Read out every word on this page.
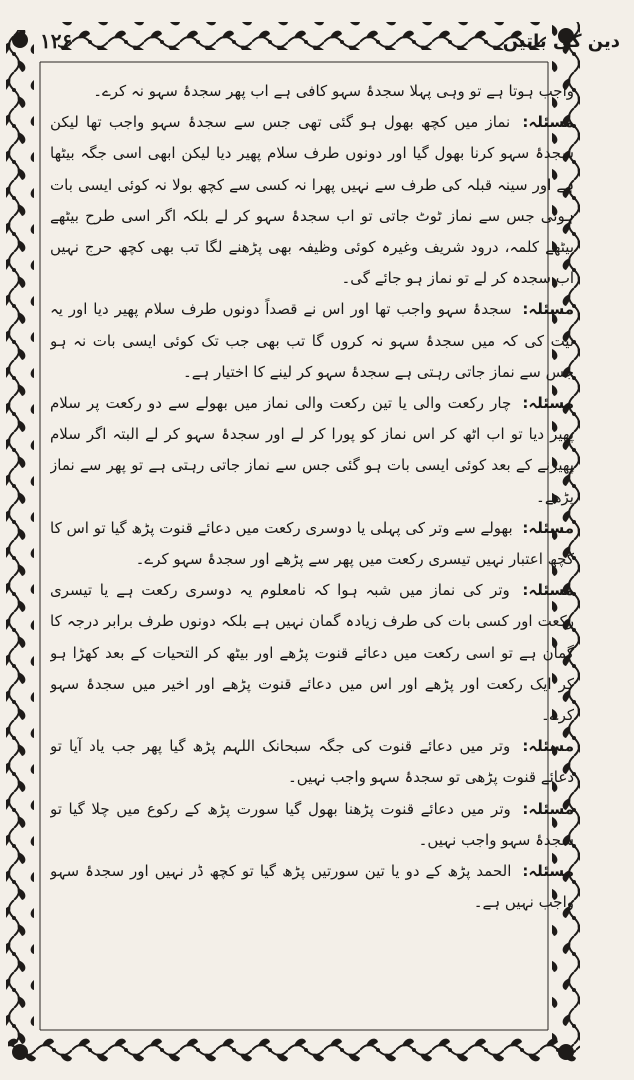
دین کی باتیں
۱۲۶

واجب ہوتا ہے تو وہی پہلا سجدۂ سہو کافی ہے اب پھر سجدۂ سہو نہ کرے۔

مسئلہ: نماز میں کچھ بھول ہو گئی تھی جس سے سجدۂ سہو واجب تھا لیکن سجدۂ سہو کرنا بھول گیا اور دونوں طرف سلام پھیر دیا لیکن ابھی اسی جگہ بیٹھا ہے اور سینہ قبلہ کی طرف سے نہیں پھرا نہ کسی سے کچھ بولا نہ کوئی ایسی بات ہوئی جس سے نماز ٹوٹ جاتی تو اب سجدۂ سہو کر لے بلکہ اگر اسی طرح بیٹھے بیٹھے کلمہ، درود شریف وغیرہ کوئی وظیفہ بھی پڑھنے لگا تب بھی کچھ حرج نہیں اب سجدہ کر لے تو نماز ہو جائے گی۔

مسئلہ: سجدۂ سہو واجب تھا اور اس نے قصداً دونوں طرف سلام پھیر دیا اور یہ نیت کی کہ میں سجدۂ سہو نہ کروں گا تب بھی جب تک کوئی ایسی بات نہ ہو جس سے نماز جاتی رہتی ہے سجدۂ سہو کر لینے کا اختیار ہے۔

مسئلہ: چار رکعت والی یا تین رکعت والی نماز میں بھولے سے دو رکعت پر سلام پھیر دیا تو اب اٹھ کر اس نماز کو پورا کر لے اور سجدۂ سہو کر لے البتہ اگر سلام پھیرنے کے بعد کوئی ایسی بات ہو گئی جس سے نماز جاتی رہتی ہے تو پھر سے نماز پڑھے۔

مسئلہ: بھولے سے وتر کی پہلی یا دوسری رکعت میں دعائے قنوت پڑھ گیا تو اس کا کچھ اعتبار نہیں تیسری رکعت میں پھر سے پڑھے اور سجدۂ سہو کرے۔

مسئلہ: وتر کی نماز میں شبہ ہوا کہ نامعلوم یہ دوسری رکعت ہے یا تیسری رکعت اور کسی بات کی طرف زیادہ گمان نہیں ہے بلکہ دونوں طرف برابر درجہ کا گمان ہے تو اسی رکعت میں دعائے قنوت پڑھے اور بیٹھ کر التحیات کے بعد کھڑا ہو کر ایک رکعت اور پڑھے اور اس میں دعائے قنوت پڑھے اور اخیر میں سجدۂ سہو کرے۔

مسئلہ: وتر میں دعائے قنوت کی جگہ سبحانک اللہم پڑھ گیا پھر جب یاد آیا تو دعائے قنوت پڑھی تو سجدۂ سہو واجب نہیں۔

مسئلہ: وتر میں دعائے قنوت پڑھنا بھول گیا سورت پڑھ کے رکوع میں چلا گیا تو سجدۂ سہو واجب نہیں۔

مسئلہ: الحمد پڑھ کے دو یا تین سورتیں پڑھ گیا تو کچھ ڈر نہیں اور سجدۂ سہو واجب نہیں ہے۔
